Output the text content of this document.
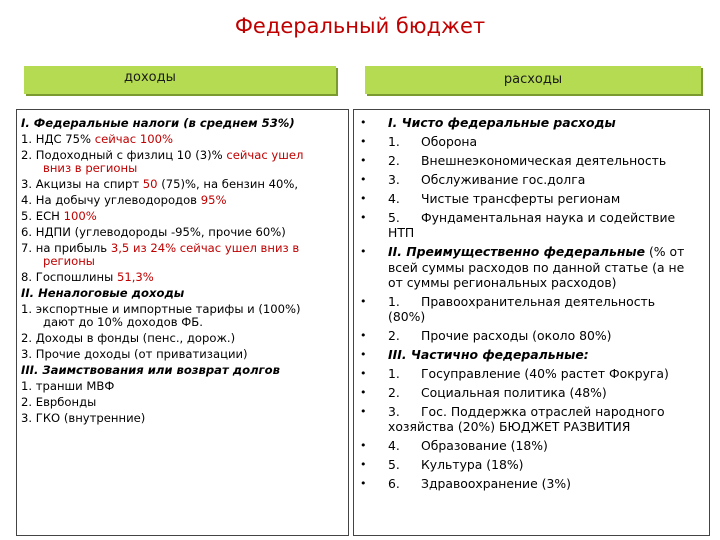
Федеральный бюджет
доходы	расходы
I. Федеральные налоги (в среднем 53%)
1. НДС 75% сейчас 100%
2. Подоходный с физлиц 10 (3)% сейчас ушел
вниз в регионы
3. Акцизы на спирт 50 (75)%, на бензин 40%,
4. На добычу углеводородов 95%
5. ЕСН 100%
6. НДПИ (углеводороды -95%, прочие 60%)
7. на прибыль 3,5 из 24% сейчас ушел вниз в
регионы
8. Госпошлины 51,3%
II. Неналоговые доходы
1. экспортные и импортные тарифы и (100%)
дают до 10% доходов ФБ.
2. Доходы в фонды (пенс., дорож.)
3. Прочие доходы (от приватизации)
III. Заимствования или возврат долгов
1. транши МВФ
2. Еврбонды
3. ГКО (внутренние)
•
•
•
•
•
•
•
•
•
•
•
•
•
•
•
•
I. Чисто федеральные расходы
1. Оборона
2. Внешнеэкономическая деятельность
3. Обслуживание гос.долга
4. Чистые трансферты регионам
5. Фундаментальная наука и содействие
НТП
II. Преимущественно федеральные (% от
всей суммы расходов по данной статье (а не
от суммы региональных расходов)
1. Правоохранительная деятельность
(80%)
2. Прочие расходы (около 80%)
III. Частично федеральные:
1. Госуправление (40% растет Фокруга)
2. Социальная политика (48%)
3. Гос. Поддержка отраслей народного
хозяйства (20%) БЮДЖЕТ РАЗВИТИЯ
4. Образование (18%)
5. Культура (18%)
6. Здравоохранение (3%)
